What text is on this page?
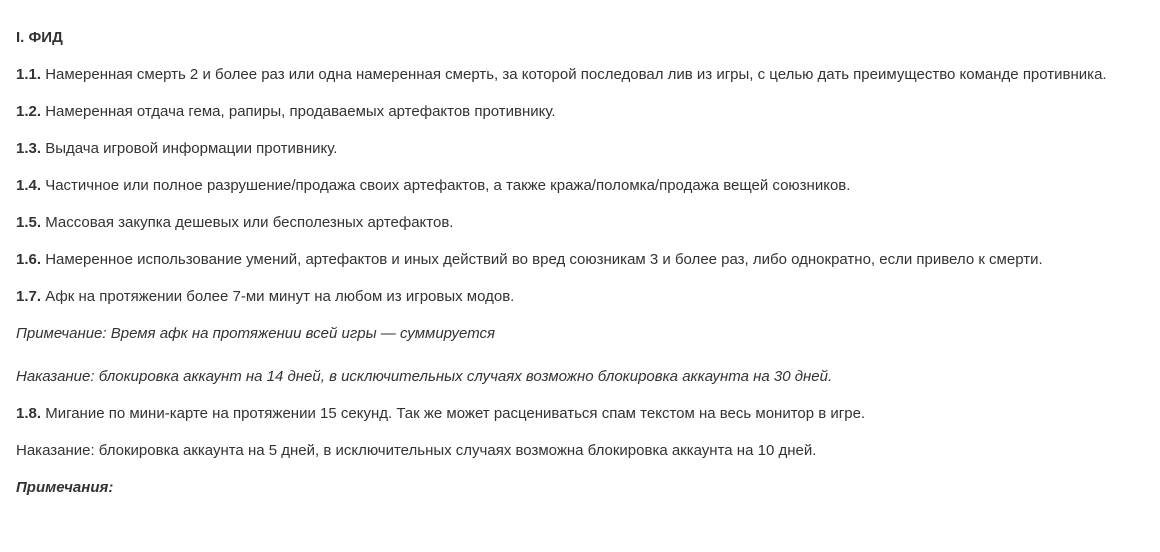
I. ФИД

1.1. Намеренная смерть 2 и более раз или одна намеренная смерть, за которой последовал лив из игры, с целью дать преимущество команде противника.

1.2. Намеренная отдача гема, рапиры, продаваемых артефактов противнику.

1.3. Выдача игровой информации противнику.

1.4. Частичное или полное разрушение/продажа своих артефактов, а также кража/поломка/продажа вещей союзников.

1.5. Массовая закупка дешевых или бесполезных артефактов.

1.6. Намеренное использование умений, артефактов и иных действий во вред союзникам 3 и более раз, либо однократно, если привело к смерти.

1.7. Афк на протяжении более 7-ми минут на любом из игровых модов.

Примечание: Время афк на протяжении всей игры — суммируется

Наказание: блокировка аккаунт на 14 дней, в исключительных случаях возможно блокировка аккаунта на 30 дней.

1.8. Мигание по мини-карте на протяжении 15 секунд. Так же может расцениваться спам текстом на весь монитор в игре.

Наказание: блокировка аккаунта на 5 дней, в исключительных случаях возможна блокировка аккаунта на 10 дней.

Примечания:
